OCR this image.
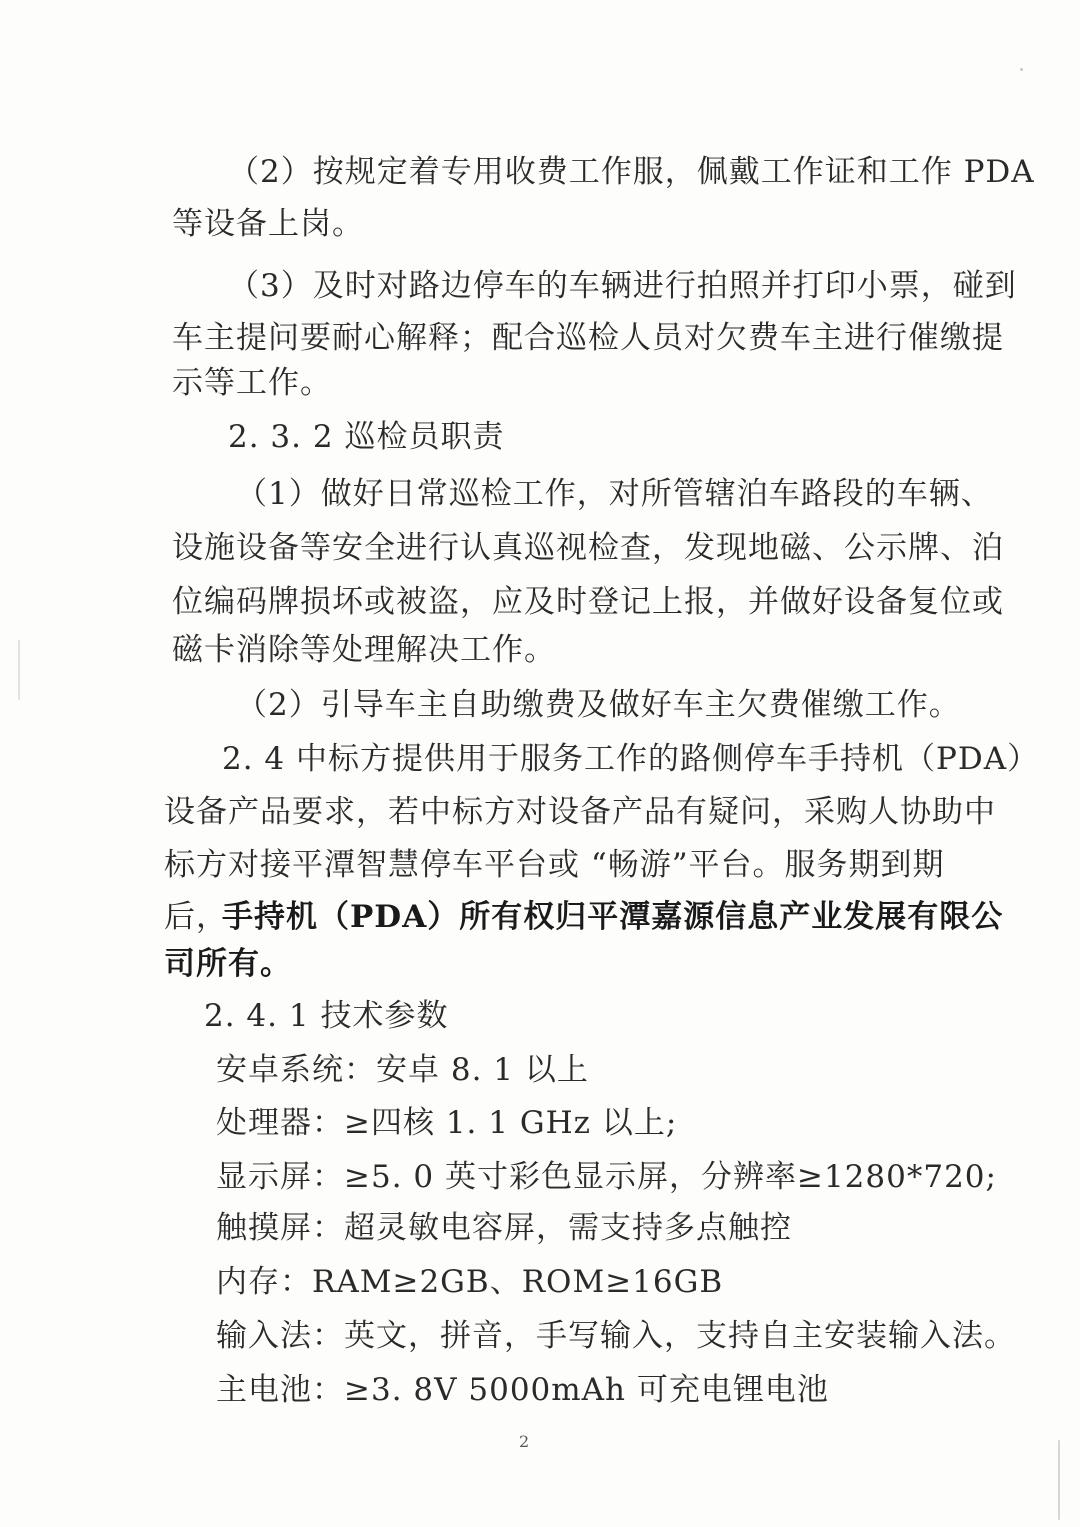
（2）按规定着专用收费工作服，佩戴工作证和工作 PDA
等设备上岗。
（3）及时对路边停车的车辆进行拍照并打印小票，碰到
车主提问要耐心解释；配合巡检人员对欠费车主进行催缴提
示等工作。
2. 3. 2 巡检员职责
（1）做好日常巡检工作，对所管辖泊车路段的车辆、
设施设备等安全进行认真巡视检查，发现地磁、公示牌、泊
位编码牌损坏或被盗，应及时登记上报，并做好设备复位或
磁卡消除等处理解决工作。
（2）引导车主自助缴费及做好车主欠费催缴工作。
2. 4 中标方提供用于服务工作的路侧停车手持机（PDA）
设备产品要求，若中标方对设备产品有疑问，采购人协助中
标方对接平潭智慧停车平台或 “畅游”平台。服务期到期
后，
手持机（PDA）所有权归平潭嘉源信息产业发展有限公
司所有。
2. 4. 1 技术参数
安卓系统：安卓 8. 1 以上
处理器：≥四核 1. 1 GHz 以上;
显示屏：≥5. 0 英寸彩色显示屏，分辨率≥1280*720;
触摸屏：超灵敏电容屏，需支持多点触控
内存：RAM≥2GB、ROM≥16GB
输入法：英文，拼音，手写输入，支持自主安装输入法。
主电池：≥3. 8V 5000mAh 可充电锂电池
2
